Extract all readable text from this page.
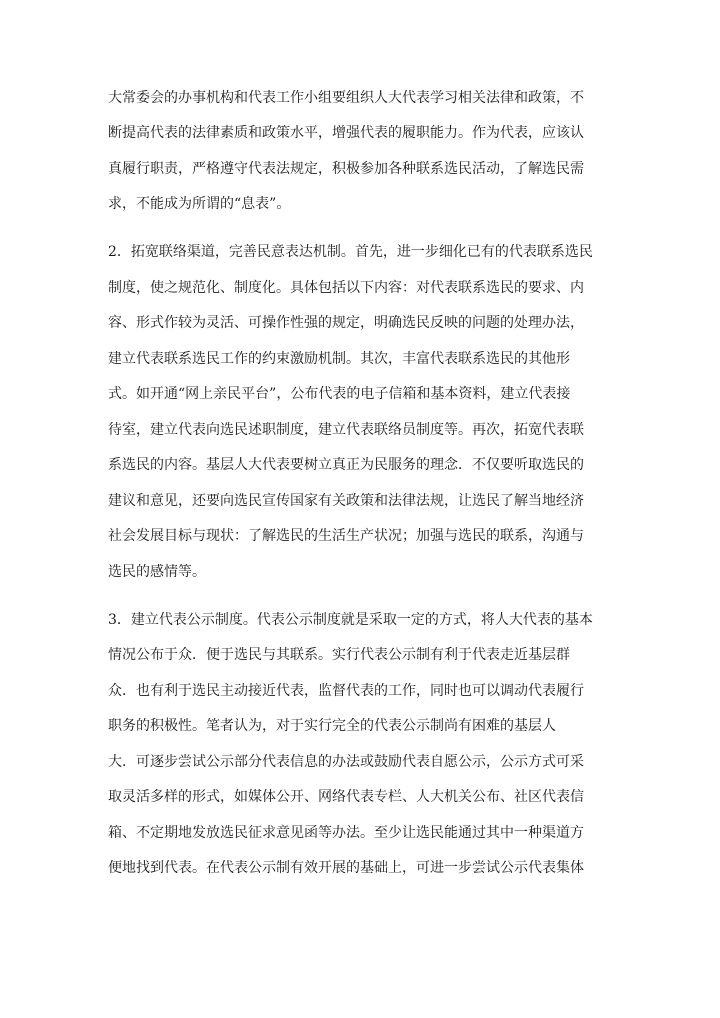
大常委会的办事机构和代表工作小组要组织人大代表学习相关法律和政策，不
断提高代表的法律素质和政策水平，增强代表的履职能力。作为代表，应该认
真履行职责，严格遵守代表法规定，积极参加各种联系选民活动，了解选民需
求，不能成为所谓的“息表”。
2．拓宽联络渠道，完善民意表达机制。首先，进一步细化已有的代表联系选民
制度，使之规范化、制度化。具体包括以下内容：对代表联系选民的要求、内
容、形式作较为灵活、可操作性强的规定，明确选民反映的问题的处理办法，
建立代表联系选民工作的约束激励机制。其次，丰富代表联系选民的其他形
式。如开通“网上亲民平台”，公布代表的电子信箱和基本资料，建立代表接
待室，建立代表向选民述职制度，建立代表联络员制度等。再次，拓宽代表联
系选民的内容。基层人大代表要树立真正为民服务的理念．不仅要听取选民的
建议和意见，还要向选民宣传国家有关政策和法律法规，让选民了解当地经济
社会发展目标与现状：了解选民的生活生产状况；加强与选民的联系，沟通与
选民的感情等。
3．建立代表公示制度。代表公示制度就是采取一定的方式，将人大代表的基本
情况公布于众．便于选民与其联系。实行代表公示制有利于代表走近基层群
众．也有利于选民主动接近代表，监督代表的工作，同时也可以调动代表履行
职务的积极性。笔者认为，对于实行完全的代表公示制尚有困难的基层人
大．可逐步尝试公示部分代表信息的办法或鼓励代表自愿公示，公示方式可采
取灵活多样的形式，如媒体公开、网络代表专栏、人大机关公布、社区代表信
箱、不定期地发放选民征求意见函等办法。至少让选民能通过其中一种渠道方
便地找到代表。在代表公示制有效开展的基础上，可进一步尝试公示代表集体
